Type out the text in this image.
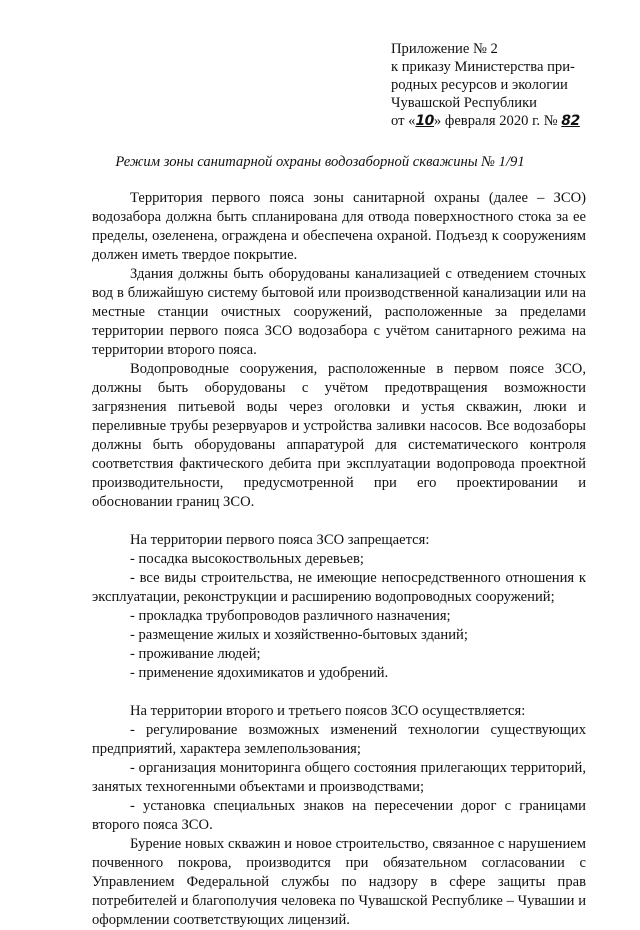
Приложение № 2
к приказу Министерства при-
родных ресурсов и экологии
Чувашской Республики
от «10» февраля 2020 г. № 82
Режим зоны санитарной охраны водозаборной скважины № 1/91

Территория первого пояса зоны санитарной охраны (далее – ЗСО) водозабора должна быть спланирована для отвода поверхностного стока за ее пределы, озеленена, ограждена и обеспечена охраной. Подъезд к сооружениям должен иметь твердое покрытие.

Здания должны быть оборудованы канализацией с отведением сточных вод в ближайшую систему бытовой или производственной канализации или на местные станции очистных сооружений, расположенные за пределами территории первого пояса ЗСО водозабора с учётом санитарного режима на территории второго пояса.

Водопроводные сооружения, расположенные в первом поясе ЗСО, должны быть оборудованы с учётом предотвращения возможности загрязнения питьевой воды через оголовки и устья скважин, люки и переливные трубы резервуаров и устройства заливки насосов. Все водозаборы должны быть оборудованы аппаратурой для систематического контроля соответствия фактического дебита при эксплуатации водопровода проектной производительности, предусмотренной при его проектировании и обосновании границ ЗСО.

На территории первого пояса ЗСО запрещается:

- посадка высокоствольных деревьев;

- все виды строительства, не имеющие непосредственного отношения к эксплуатации, реконструкции и расширению водопроводных сооружений;

- прокладка трубопроводов различного назначения;

- размещение жилых и хозяйственно-бытовых зданий;

- проживание людей;

- применение ядохимикатов и удобрений.

На территории второго и третьего поясов ЗСО осуществляется:

- регулирование возможных изменений технологии существующих предприятий, характера землепользования;

- организация мониторинга общего состояния прилегающих территорий, занятых техногенными объектами и производствами;

- установка специальных знаков на пересечении дорог с границами второго пояса ЗСО.

Бурение новых скважин и новое строительство, связанное с нарушением почвенного покрова, производится при обязательном согласовании с Управлением Федеральной службы по надзору в сфере защиты прав потребителей и благополучия человека по Чувашской Республике – Чувашии и оформлении соответствующих лицензий.
